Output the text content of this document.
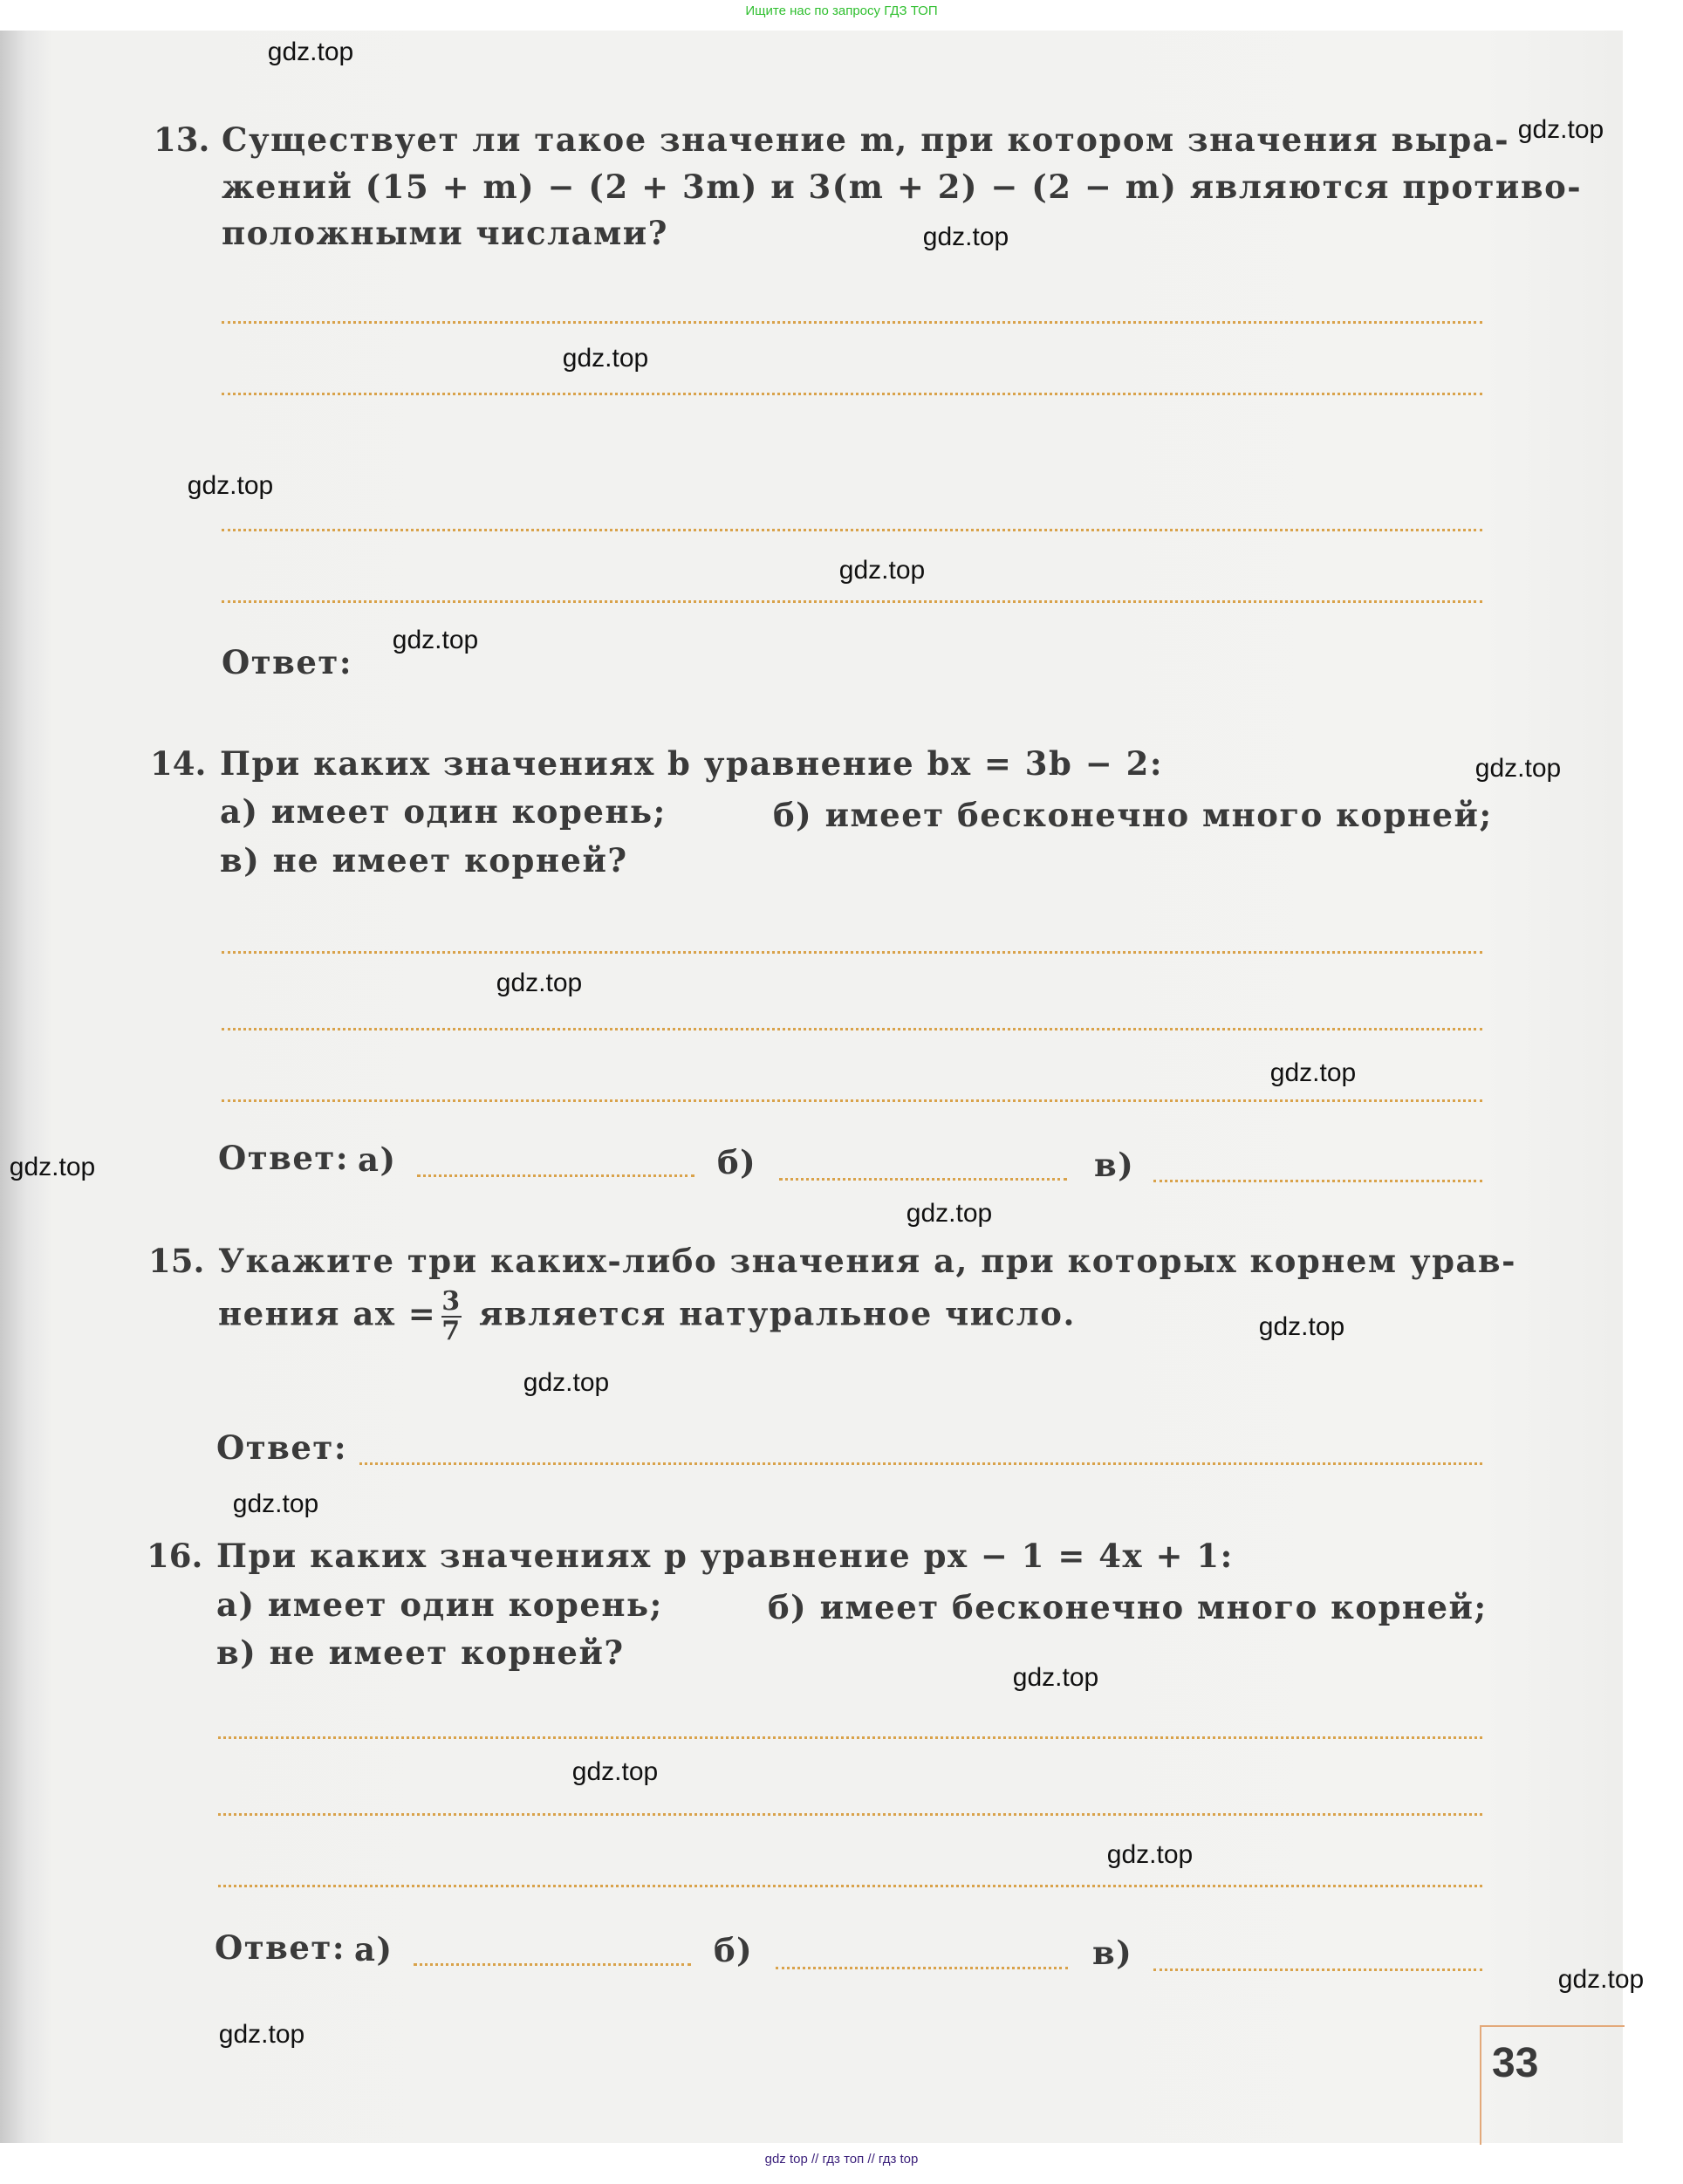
Ищите нас по запросу ГДЗ ТОП
13. Существует ли такое значение m, при котором значения выра-
жений (15 + m) − (2 + 3m) и 3(m + 2) − (2 − m) являются противо-
положными числами?
Ответ:
14. При каких значениях b уравнение bx = 3b − 2:
а) имеет один корень;	б) имеет бесконечно много корней;
в) не имеет корней?
Ответ: а)	б)	в)
15. Укажите три каких-либо значения a, при которых корнем урав-
нения ax = $\frac{3}{7}$ является натуральное число.
Ответ:
16. При каких значениях p уравнение px − 1 = 4x + 1:
а) имеет один корень;	б) имеет бесконечно много корней;
в) не имеет корней?
Ответ: а)	б)	в)
33
gdz.top
gdz.top
gdz.top
gdz.top
gdz.top
gdz.top
gdz.top
gdz.top
gdz.top
gdz.top
gdz.top
gdz.top
gdz.top
gdz.top
gdz.top
gdz.top
gdz.top
gdz.top
gdz.top
gdz.top
gdz top // гдз топ // гдз top
